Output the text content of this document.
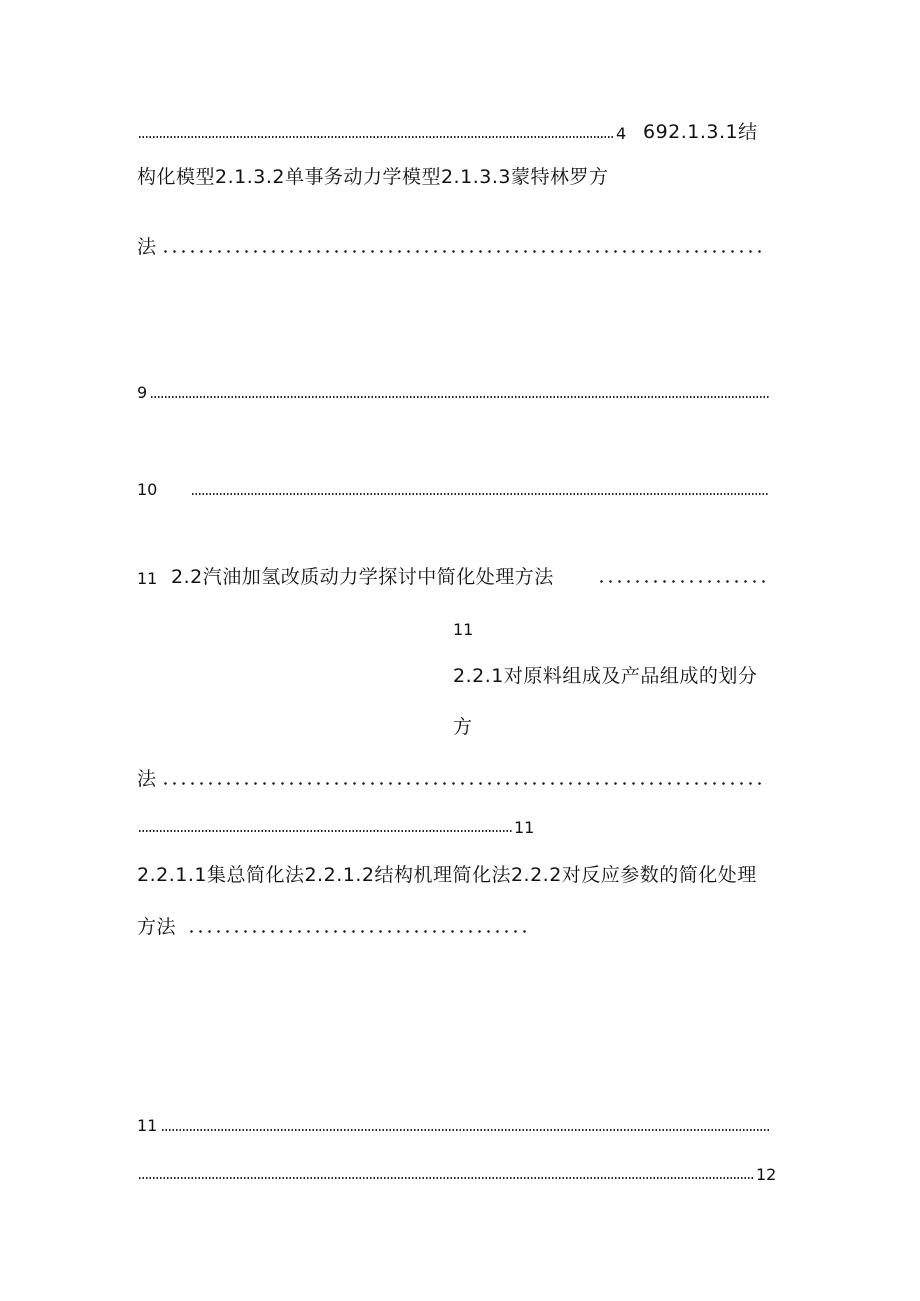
4 692.1.3.1结
构化模型2.1.3.2单事务动力学模型2.1.3.3蒙特林罗方
法
9
10
11 2.2汽油加氢改质动力学探讨中简化处理方法
11
2.2.1对原料组成及产品组成的划分
方
法
11
2.2.1.1集总简化法2.2.1.2结构机理简化法2.2.2对反应参数的简化处理
方法
11
12
